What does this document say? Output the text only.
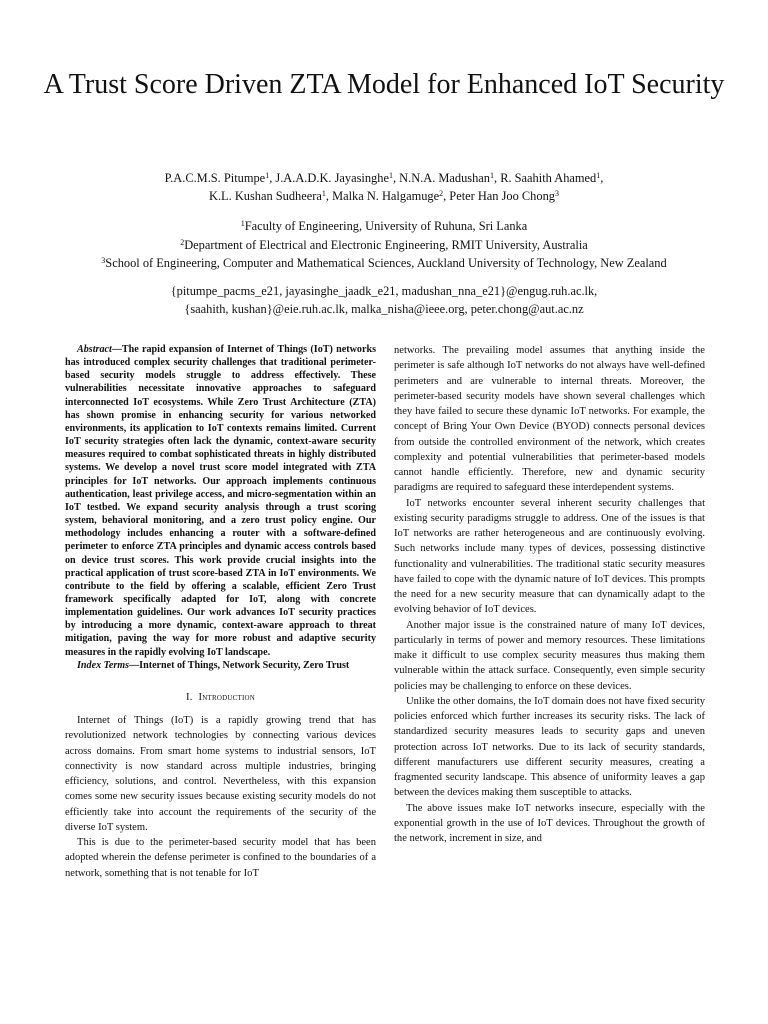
A Trust Score Driven ZTA Model for Enhanced IoT Security
P.A.C.M.S. Pitumpe$^1$, J.A.A.D.K. Jayasinghe$^1$, N.N.A. Madushan$^1$, R. Saahith Ahamed$^1$,
K.L. Kushan Sudheera$^1$, Malka N. Halgamuge$^2$, Peter Han Joo Chong$^3$
$^1$Faculty of Engineering, University of Ruhuna, Sri Lanka
$^2$Department of Electrical and Electronic Engineering, RMIT University, Australia
$^3$School of Engineering, Computer and Mathematical Sciences, Auckland University of Technology, New Zealand
{pitumpe_pacms_e21, jayasinghe_jaadk_e21, madushan_nna_e21}@engug.ruh.ac.lk,
{saahith, kushan}@eie.ruh.ac.lk, malka_nisha@ieee.org, peter.chong@aut.ac.nz

Abstract—The rapid expansion of Internet of Things (IoT) networks has introduced complex security challenges that traditional perimeter-based security models struggle to address effectively. These vulnerabilities necessitate innovative approaches to safeguard interconnected IoT ecosystems. While Zero Trust Architecture (ZTA) has shown promise in enhancing security for various networked environments, its application to IoT contexts remains limited. Current IoT security strategies often lack the dynamic, context-aware security measures required to combat sophisticated threats in highly distributed systems. We develop a novel trust score model integrated with ZTA principles for IoT networks. Our approach implements continuous authentication, least privilege access, and micro-segmentation within an IoT testbed. We expand security analysis through a trust scoring system, behavioral monitoring, and a zero trust policy engine. Our methodology includes enhancing a router with a software-defined perimeter to enforce ZTA principles and dynamic access controls based on device trust scores. This work provide crucial insights into the practical application of trust score-based ZTA in IoT environments. We contribute to the field by offering a scalable, efficient Zero Trust framework specifically adapted for IoT, along with concrete implementation guidelines. Our work advances IoT security practices by introducing a more dynamic, context-aware approach to threat mitigation, paving the way for more robust and adaptive security measures in the rapidly evolving IoT landscape.

Index Terms—Internet of Things, Network Security, Zero Trust

I. Introduction

Internet of Things (IoT) is a rapidly growing trend that has revolutionized network technologies by connecting various devices across domains. From smart home systems to industrial sensors, IoT connectivity is now standard across multiple industries, bringing efficiency, solutions, and control. Nevertheless, with this expansion comes some new security issues because existing security models do not efficiently take into account the requirements of the security of the diverse IoT system.

This is due to the perimeter-based security model that has been adopted wherein the defense perimeter is confined to the boundaries of a network, something that is not tenable for IoT

networks. The prevailing model assumes that anything inside the perimeter is safe although IoT networks do not always have well-defined perimeters and are vulnerable to internal threats. Moreover, the perimeter-based security models have shown several challenges which they have failed to secure these dynamic IoT networks. For example, the concept of Bring Your Own Device (BYOD) connects personal devices from outside the controlled environment of the network, which creates complexity and potential vulnerabilities that perimeter-based models cannot handle efficiently. Therefore, new and dynamic security paradigms are required to safeguard these interdependent systems.

IoT networks encounter several inherent security challenges that existing security paradigms struggle to address. One of the issues is that IoT networks are rather heterogeneous and are continuously evolving. Such networks include many types of devices, possessing distinctive functionality and vulnerabilities. The traditional static security measures have failed to cope with the dynamic nature of IoT devices. This prompts the need for a new security measure that can dynamically adapt to the evolving behavior of IoT devices.

Another major issue is the constrained nature of many IoT devices, particularly in terms of power and memory resources. These limitations make it difficult to use complex security measures thus making them vulnerable within the attack surface. Consequently, even simple security policies may be challenging to enforce on these devices.

Unlike the other domains, the IoT domain does not have fixed security policies enforced which further increases its security risks. The lack of standardized security measures leads to security gaps and uneven protection across IoT networks. Due to its lack of security standards, different manufacturers use different security measures, creating a fragmented security landscape. This absence of uniformity leaves a gap between the devices making them susceptible to attacks.

The above issues make IoT networks insecure, especially with the exponential growth in the use of IoT devices. Throughout the growth of the network, increment in size, and
